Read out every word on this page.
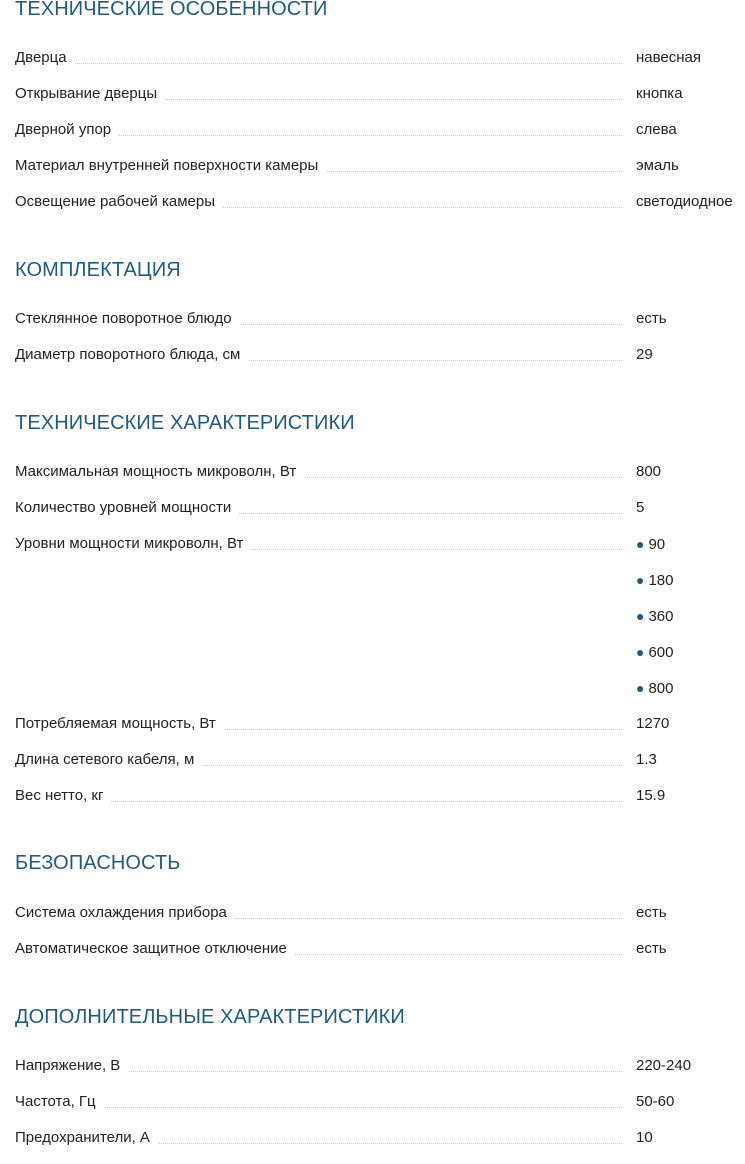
ТЕХНИЧЕСКИЕ ОСОБЕННОСТИ
Дверца	навесная
Открывание дверцы	кнопка
Дверной упор	слева
Материал внутренней поверхности камеры	эмаль
Освещение рабочей камеры	светодиодное
КОМПЛЕКТАЦИЯ
Стеклянное поворотное блюдо	есть
Диаметр поворотного блюда, см	29
ТЕХНИЧЕСКИЕ ХАРАКТЕРИСТИКИ
Максимальная мощность микроволн, Вт	800
Количество уровней мощности	5
Уровни мощности микроволн, Вт	● 90
● 180
● 360
● 600
● 800
Потребляемая мощность, Вт	1270
Длина сетевого кабеля, м	1.3
Вес нетто, кг	15.9
БЕЗОПАСНОСТЬ
Система охлаждения прибора	есть
Автоматическое защитное отключение	есть
ДОПОЛНИТЕЛЬНЫЕ ХАРАКТЕРИСТИКИ
Напряжение, В	220-240
Частота, Гц	50-60
Предохранители, А	10
